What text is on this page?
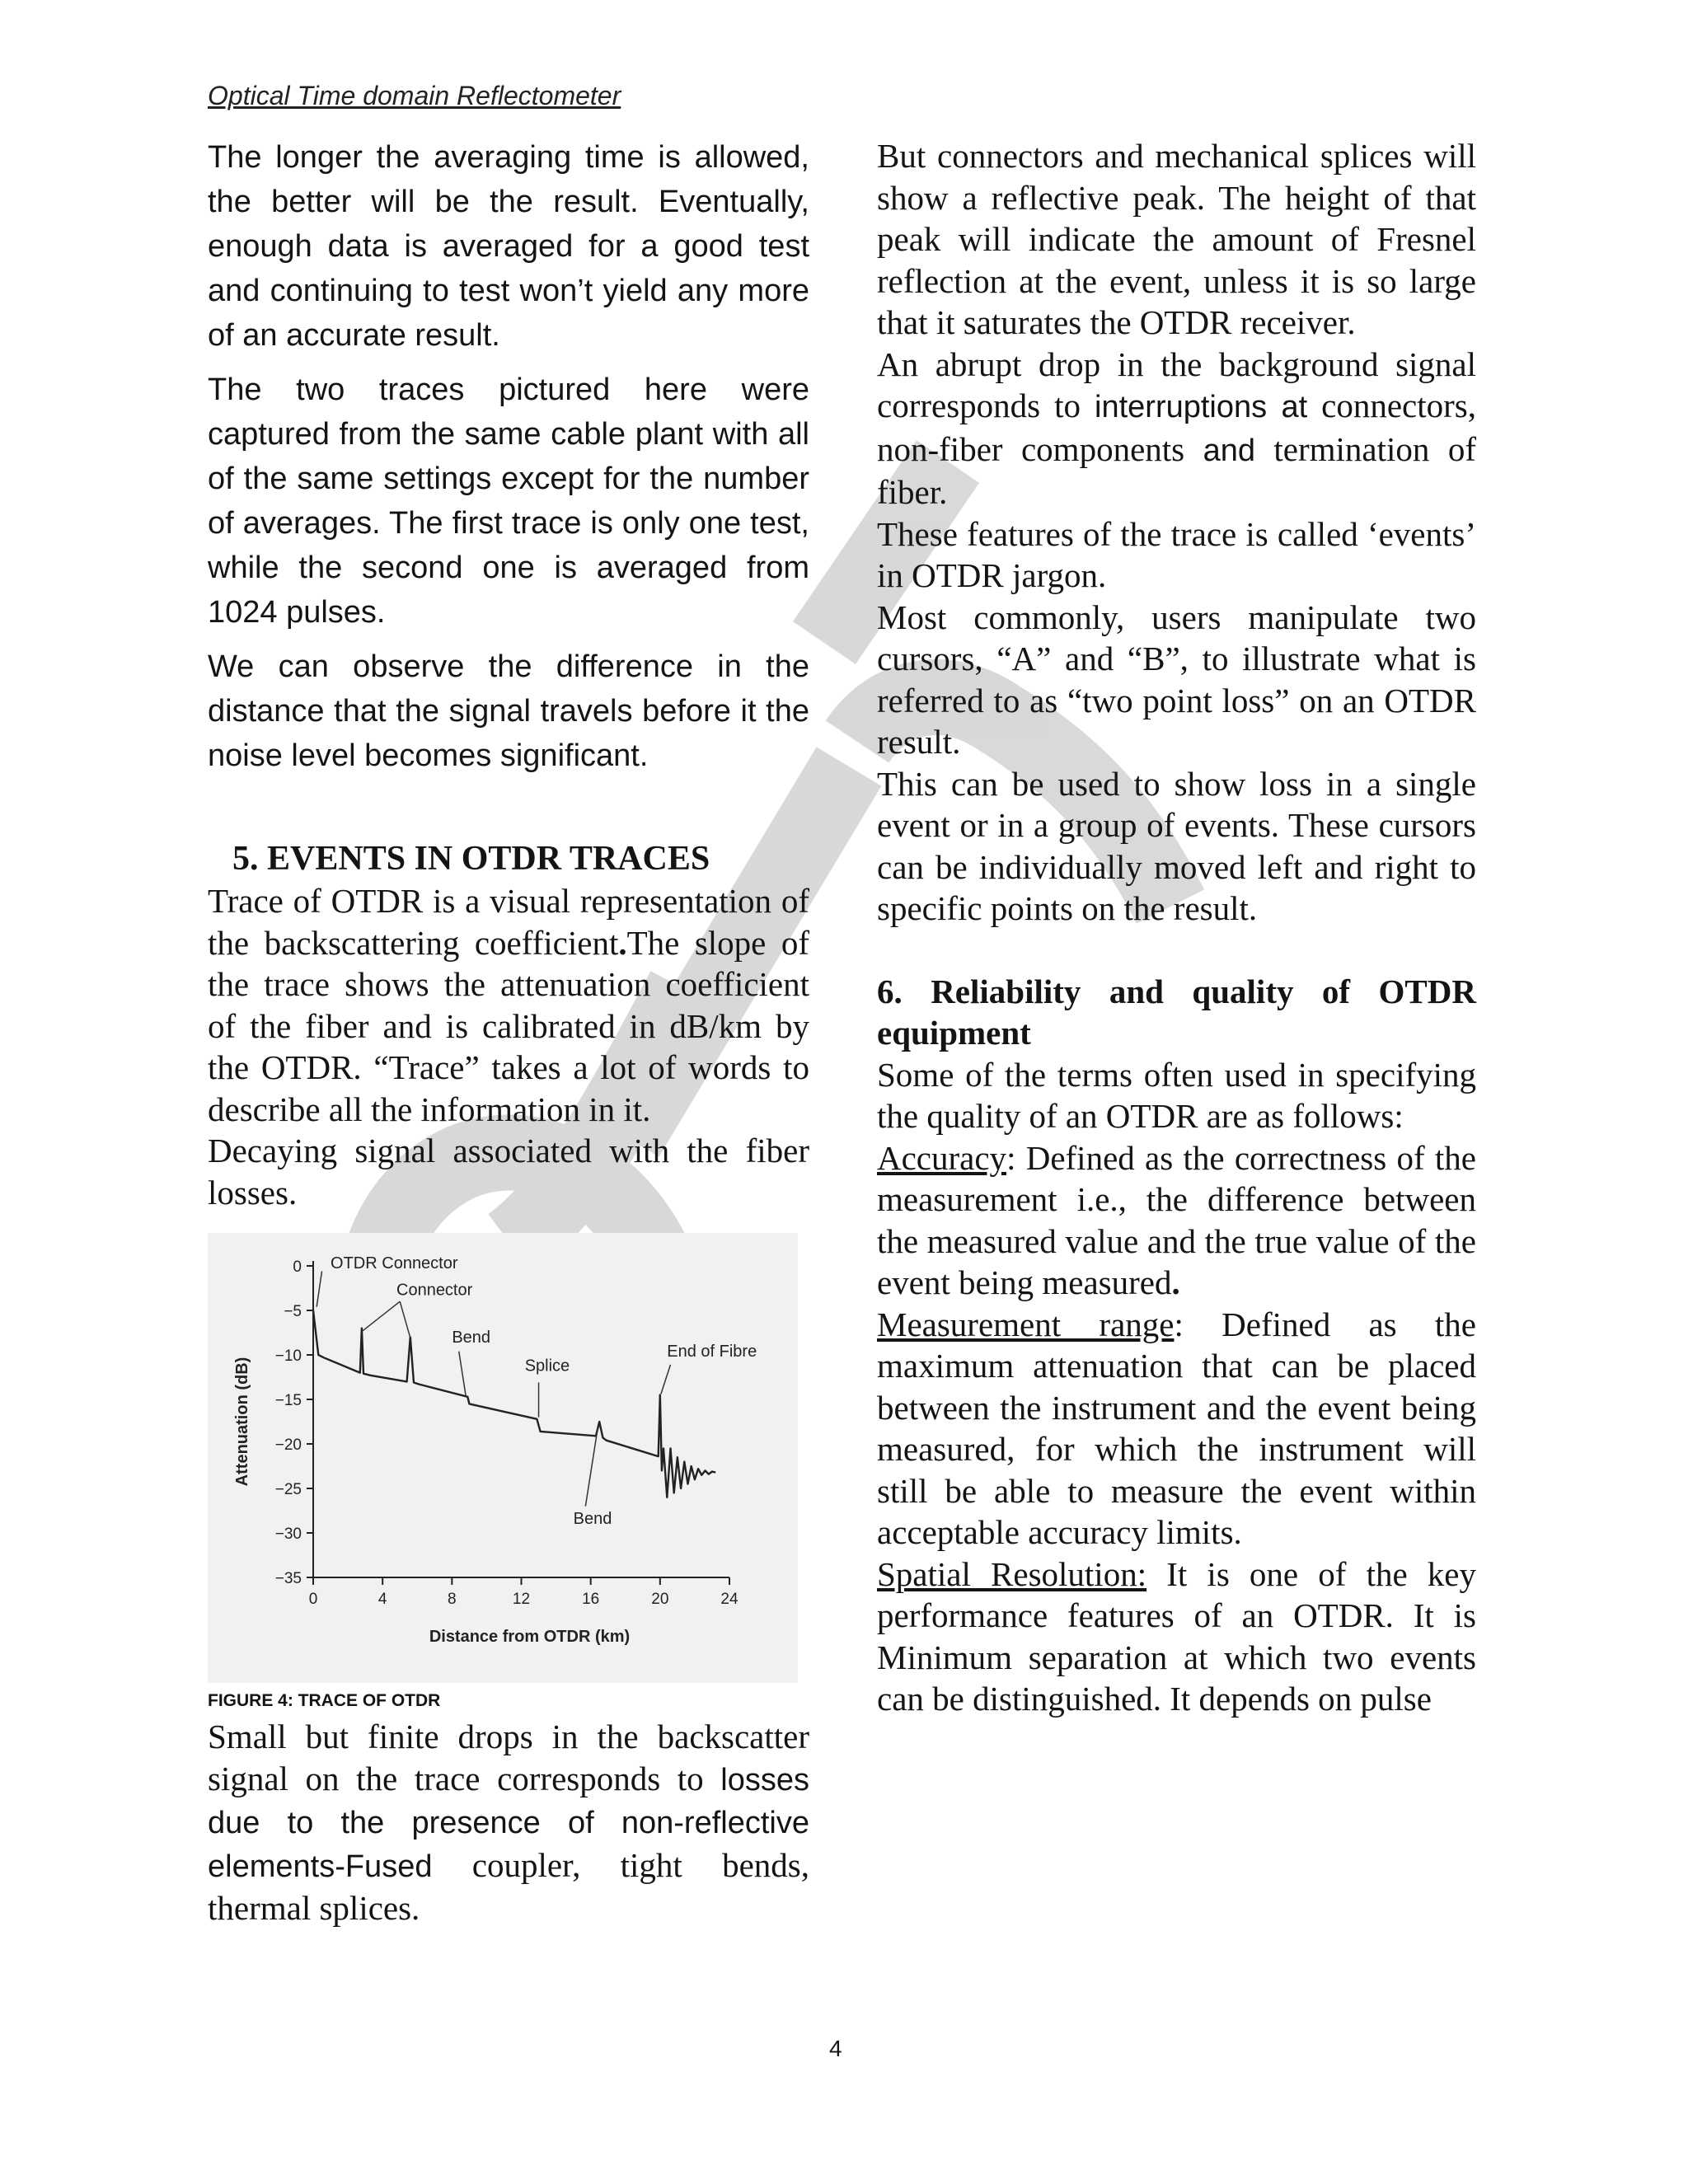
Optical Time domain Reflectometer

The longer the averaging time is allowed, the better will be the result. Eventually, enough data is averaged for a good test and continuing to test won’t yield any more of an accurate result.

The two traces pictured here were captured from the same cable plant with all of the same settings except for the number of averages. The first trace is only one test, while the second one is averaged from 1024 pulses.

We can observe the difference in the distance that the signal travels before it the noise level becomes significant.

5. EVENTS IN OTDR TRACES

Trace of OTDR is a visual representation of the backscattering coefficient.The slope of the trace shows the attenuation coefficient of the fiber and is calibrated in dB/km by the OTDR. “Trace” takes a lot of words to describe all the information in it.

Decaying signal associated with the fiber losses.

0
−5
−10
−15
−20
−25
−30
−35
0	4	8	12	16	20	24
Distance from OTDR (km)
Attenuation (dB)
OTDR Connector
Connector
Bend
Splice
Bend
End of Fibre
FIGURE 4: TRACE OF OTDR

Small but finite drops in the backscatter signal on the trace corresponds to losses due to the presence of non-reflective elements-Fused coupler, tight bends, thermal splices.

But connectors and mechanical splices will show a reflective peak. The height of that peak will indicate the amount of Fresnel reflection at the event, unless it is so large that it saturates the OTDR receiver.

An abrupt drop in the background signal corresponds to interruptions at connectors, non-fiber components and termination of fiber.

These features of the trace is called ‘events’ in OTDR jargon.

Most commonly, users manipulate two cursors, “A” and “B”, to illustrate what is referred to as “two point loss” on an OTDR result.

This can be used to show loss in a single event or in a group of events. These cursors can be individually moved left and right to specific points on the result.

6. Reliability and quality of OTDR equipment

Some of the terms often used in specifying the quality of an OTDR are as follows:

Accuracy: Defined as the correctness of the measurement i.e., the difference between the measured value and the true value of the event being measured.

Measurement range: Defined as the maximum attenuation that can be placed between the instrument and the event being measured, for which the instrument will still be able to measure the event within acceptable accuracy limits.

Spatial Resolution: It is one of the key performance features of an OTDR. It is Minimum separation at which two events can be distinguished. It depends on pulse

4
